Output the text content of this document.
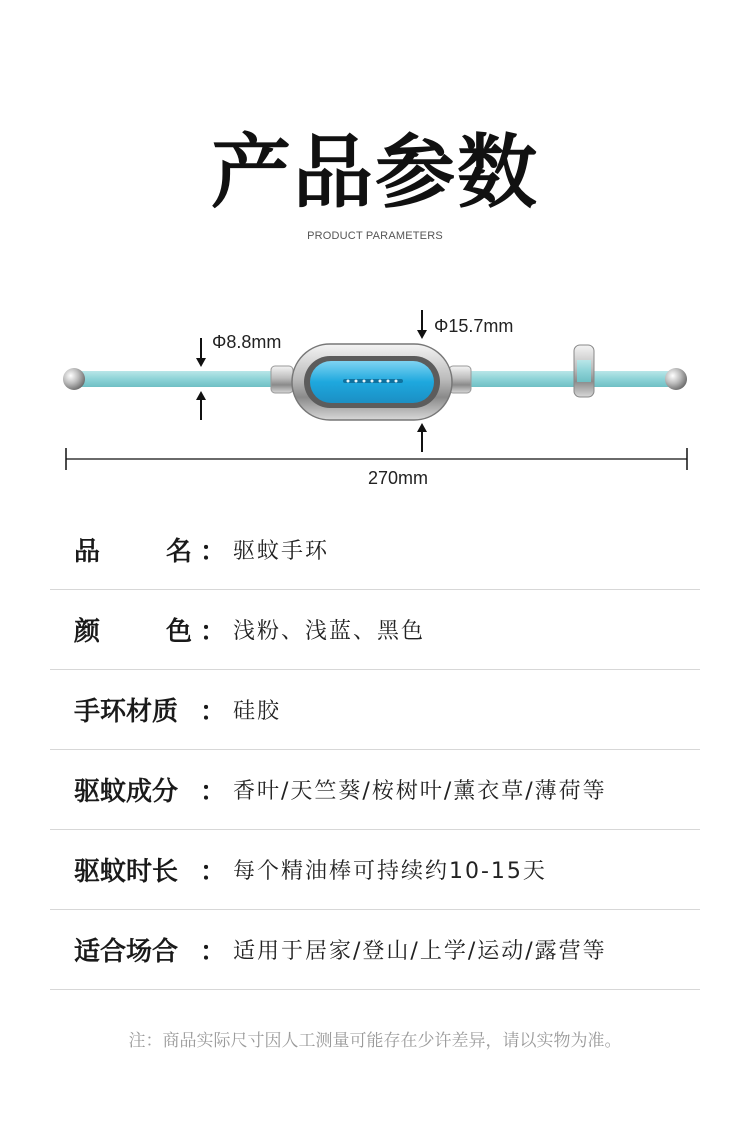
产品参数
PRODUCT PARAMETERS
Φ8.8mm
Φ15.7mm
270mm
品	名 ： 驱蚊手环
颜	色 ： 浅粉、浅蓝、黑色
手环材质 ： 硅胶
驱蚊成分 ： 香叶/天竺葵/桉树叶/薰衣草/薄荷等
驱蚊时长 ： 每个精油棒可持续约10-15天
适合场合 ： 适用于居家/登山/上学/运动/露营等
注：商品实际尺寸因人工测量可能存在少许差异，请以实物为准。
